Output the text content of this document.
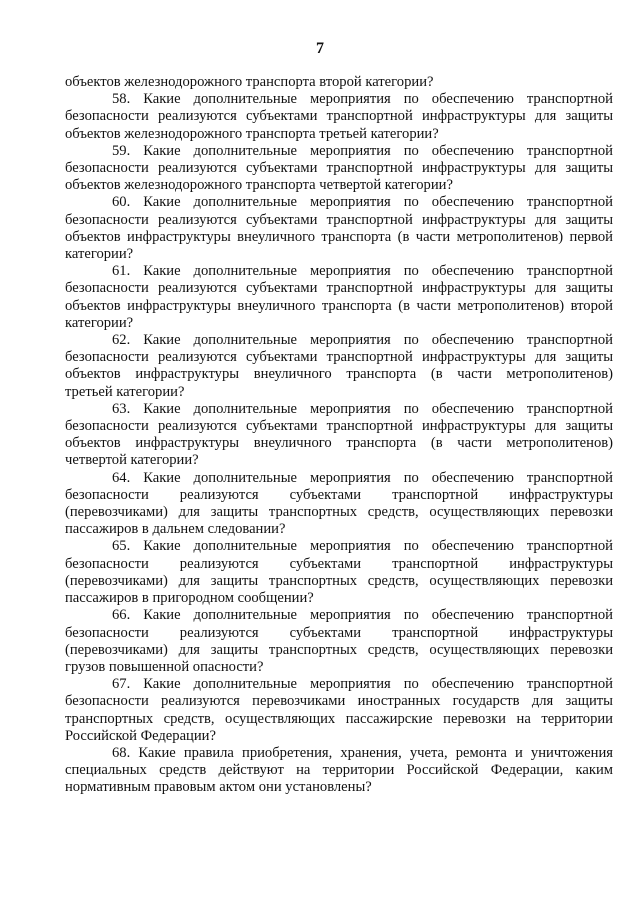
7

объектов железнодорожного транспорта второй категории?

58. Какие дополнительные мероприятия по обеспечению транспортной
безопасности реализуются субъектами транспортной инфраструктуры для защиты
объектов железнодорожного транспорта третьей категории?

59. Какие дополнительные мероприятия по обеспечению транспортной
безопасности реализуются субъектами транспортной инфраструктуры для защиты
объектов железнодорожного транспорта четвертой категории?

60. Какие дополнительные мероприятия по обеспечению транспортной
безопасности реализуются субъектами транспортной инфраструктуры для защиты
объектов инфраструктуры внеуличного транспорта (в части метрополитенов) первой
категории?

61. Какие дополнительные мероприятия по обеспечению транспортной
безопасности реализуются субъектами транспортной инфраструктуры для защиты
объектов инфраструктуры внеуличного транспорта (в части метрополитенов) второй
категории?

62. Какие дополнительные мероприятия по обеспечению транспортной
безопасности реализуются субъектами транспортной инфраструктуры для защиты
объектов инфраструктуры внеуличного транспорта (в части метрополитенов)
третьей категории?

63. Какие дополнительные мероприятия по обеспечению транспортной
безопасности реализуются субъектами транспортной инфраструктуры для защиты
объектов инфраструктуры внеуличного транспорта (в части метрополитенов)
четвертой категории?

64. Какие дополнительные мероприятия по обеспечению транспортной
безопасности реализуются субъектами транспортной инфраструктуры
(перевозчиками) для защиты транспортных средств, осуществляющих перевозки
пассажиров в дальнем следовании?

65. Какие дополнительные мероприятия по обеспечению транспортной
безопасности реализуются субъектами транспортной инфраструктуры
(перевозчиками) для защиты транспортных средств, осуществляющих перевозки
пассажиров в пригородном сообщении?

66. Какие дополнительные мероприятия по обеспечению транспортной
безопасности реализуются субъектами транспортной инфраструктуры
(перевозчиками) для защиты транспортных средств, осуществляющих перевозки
грузов повышенной опасности?

67. Какие дополнительные мероприятия по обеспечению транспортной
безопасности реализуются перевозчиками иностранных государств для защиты
транспортных средств, осуществляющих пассажирские перевозки на территории
Российской Федерации?

68. Какие правила приобретения, хранения, учета, ремонта и уничтожения
специальных средств действуют на территории Российской Федерации, каким
нормативным правовым актом они установлены?
